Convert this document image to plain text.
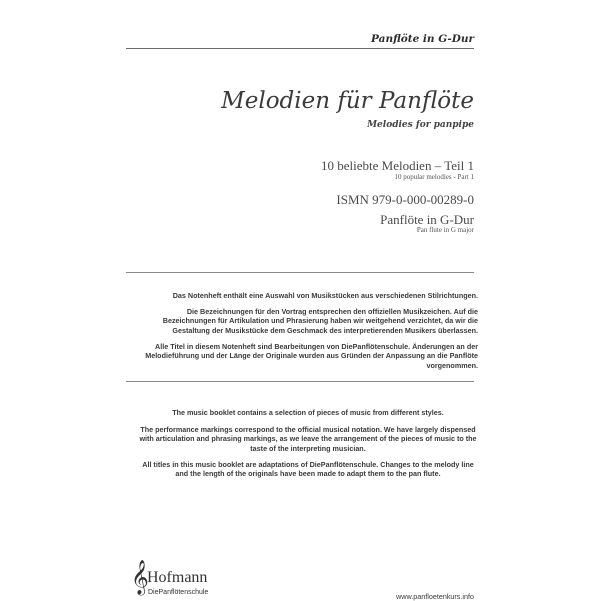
Panflöte in G-Dur
Melodien für Panflöte
Melodies for panpipe
10 beliebte Melodien – Teil 1
10 popular melodies - Part 1
ISMN 979-0-000-00289-0
Panflöte in G-Dur
Pan flute in G major
Das Notenheft enthält eine Auswahl von Musikstücken aus verschiedenen Stilrichtungen.
Die Bezeichnungen für den Vortrag entsprechen den offiziellen Musikzeichen. Auf die Bezeichnungen für Artikulation und Phrasierung haben wir weitgehend verzichtet, da wir die Gestaltung der Musikstücke dem Geschmack des interpretierenden Musikers überlassen.
Alle Titel in diesem Notenheft sind Bearbeitungen von DiePanflötenschule. Änderungen an der Melodieführung und der Länge der Originale wurden aus Gründen der Anpassung an die Panflöte vorgenommen.
The music booklet contains a selection of pieces of music from different styles.
The performance markings correspond to the official musical notation. We have largely dispensed with articulation and phrasing markings, as we leave the arrangement of the pieces of music to the taste of the interpreting musician.
All titles in this music booklet are adaptations of DiePanflötenschule. Changes to the melody line and the length of the originals have been made to adapt them to the pan flute.
𝄞
Hofmann
DiePanflötenschule	www.panfloetenkurs.info
